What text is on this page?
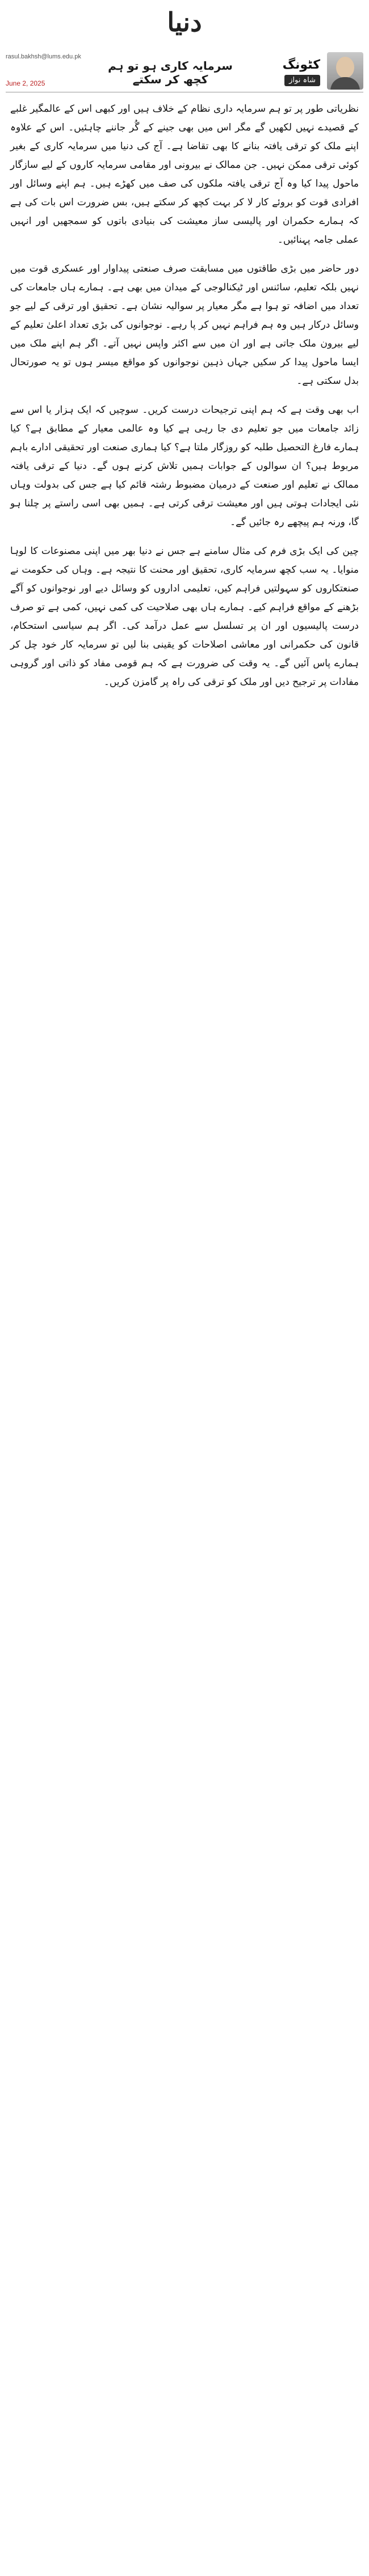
دنیا
rasul.bakhsh@lums.edu.pk
June 2, 2025
سرمایہ کاری ہو تو ہم کچھ کر سکتے
کٹونگ
شاہ نواز

نظریاتی طور پر تو ہم سرمایہ داری نظام کے خلاف ہیں اور کبھی اس کے عالمگیر غلبے کے قصیدے نہیں لکھیں گے مگر اس میں بھی جینے کے گُر جاننے چاہئیں۔ اس کے علاوہ اپنے ملک کو ترقی یافتہ بنانے کا بھی تقاضا ہے۔ آج کی دنیا میں سرمایہ کاری کے بغیر کوئی ترقی ممکن نہیں۔ جن ممالک نے بیرونی اور مقامی سرمایہ کاروں کے لیے سازگار ماحول پیدا کیا وہ آج ترقی یافتہ ملکوں کی صف میں کھڑے ہیں۔ ہم اپنے وسائل اور افرادی قوت کو بروئے کار لا کر بہت کچھ کر سکتے ہیں، بس ضرورت اس بات کی ہے کہ ہمارے حکمران اور پالیسی ساز معیشت کی بنیادی باتوں کو سمجھیں اور انہیں عملی جامہ پہنائیں۔

دور حاضر میں بڑی طاقتوں میں مسابقت صرف صنعتی پیداوار اور عسکری قوت میں نہیں بلکہ تعلیم، سائنس اور ٹیکنالوجی کے میدان میں بھی ہے۔ ہمارے ہاں جامعات کی تعداد میں اضافہ تو ہوا ہے مگر معیار پر سوالیہ نشان ہے۔ تحقیق اور ترقی کے لیے جو وسائل درکار ہیں وہ ہم فراہم نہیں کر پا رہے۔ نوجوانوں کی بڑی تعداد اعلیٰ تعلیم کے لیے بیرون ملک جاتی ہے اور ان میں سے اکثر واپس نہیں آتے۔ اگر ہم اپنے ملک میں ایسا ماحول پیدا کر سکیں جہاں ذہین نوجوانوں کو مواقع میسر ہوں تو یہ صورتحال بدل سکتی ہے۔

اب بھی وقت ہے کہ ہم اپنی ترجیحات درست کریں۔ سوچیں کہ ایک ہزار یا اس سے زائد جامعات میں جو تعلیم دی جا رہی ہے کیا وہ عالمی معیار کے مطابق ہے؟ کیا ہمارے فارغ التحصیل طلبہ کو روزگار ملتا ہے؟ کیا ہماری صنعت اور تحقیقی ادارے باہم مربوط ہیں؟ ان سوالوں کے جوابات ہمیں تلاش کرنے ہوں گے۔ دنیا کے ترقی یافتہ ممالک نے تعلیم اور صنعت کے درمیان مضبوط رشتہ قائم کیا ہے جس کی بدولت وہاں نئی ایجادات ہوتی ہیں اور معیشت ترقی کرتی ہے۔ ہمیں بھی اسی راستے پر چلنا ہو گا، ورنہ ہم پیچھے رہ جائیں گے۔

چین کی ایک بڑی فرم کی مثال سامنے ہے جس نے دنیا بھر میں اپنی مصنوعات کا لوہا منوایا۔ یہ سب کچھ سرمایہ کاری، تحقیق اور محنت کا نتیجہ ہے۔ وہاں کی حکومت نے صنعتکاروں کو سہولتیں فراہم کیں، تعلیمی اداروں کو وسائل دیے اور نوجوانوں کو آگے بڑھنے کے مواقع فراہم کیے۔ ہمارے ہاں بھی صلاحیت کی کمی نہیں، کمی ہے تو صرف درست پالیسیوں اور ان پر تسلسل سے عمل درآمد کی۔ اگر ہم سیاسی استحکام، قانون کی حکمرانی اور معاشی اصلاحات کو یقینی بنا لیں تو سرمایہ کار خود چل کر ہمارے پاس آئیں گے۔ یہ وقت کی ضرورت ہے کہ ہم قومی مفاد کو ذاتی اور گروہی مفادات پر ترجیح دیں اور ملک کو ترقی کی راہ پر گامزن کریں۔
